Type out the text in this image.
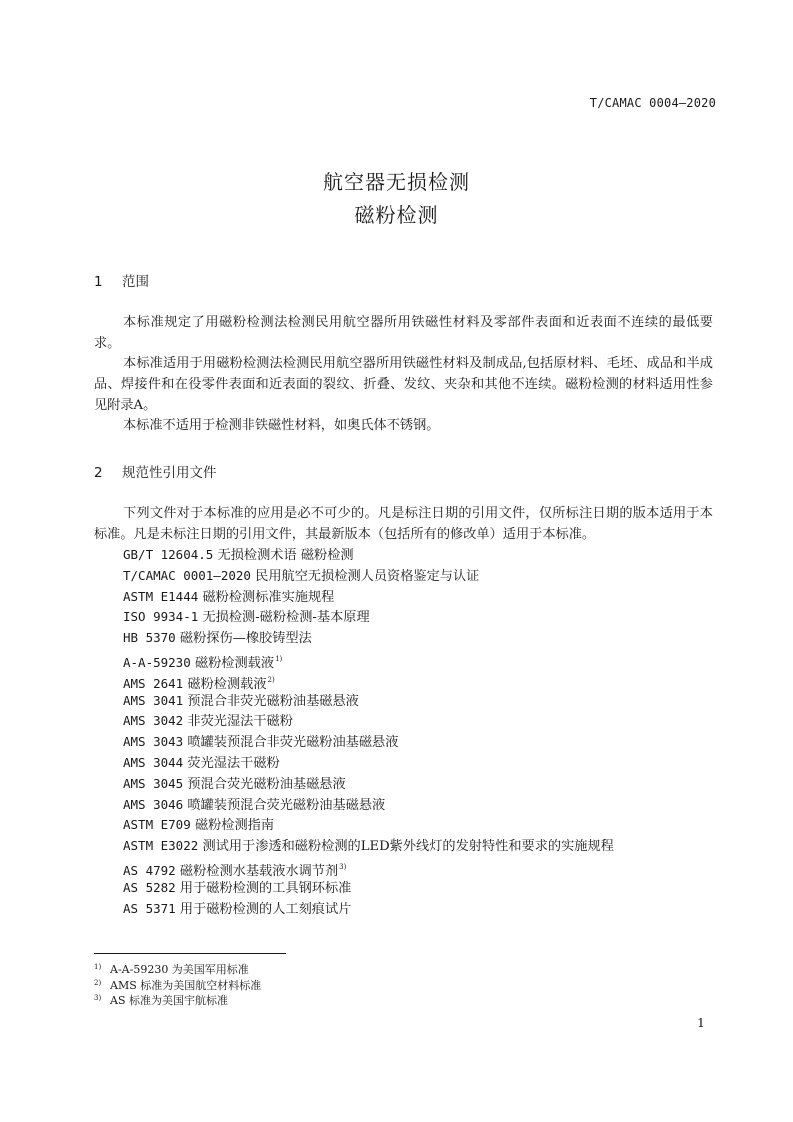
T/CAMAC 0004—2020
航空器无损检测
磁粉检测
1 范围

本标准规定了用磁粉检测法检测民用航空器所用铁磁性材料及零部件表面和近表面不连续的最低要求。

本标准适用于用磁粉检测法检测民用航空器所用铁磁性材料及制成品,包括原材料、毛坯、成品和半成品、焊接件和在役零件表面和近表面的裂纹、折叠、发纹、夹杂和其他不连续。磁粉检测的材料适用性参见附录A。

本标准不适用于检测非铁磁性材料，如奥氏体不锈钢。

2 规范性引用文件

下列文件对于本标准的应用是必不可少的。凡是标注日期的引用文件，仅所标注日期的版本适用于本标准。凡是未标注日期的引用文件，其最新版本（包括所有的修改单）适用于本标准。

GB/T 12604.5 无损检测术语 磁粉检测
T/CAMAC 0001—2020 民用航空无损检测人员资格鉴定与认证
ASTM E1444 磁粉检测标准实施规程
ISO 9934-1 无损检测-磁粉检测-基本原理
HB 5370 磁粉探伤—橡胶铸型法
A-A-59230 磁粉检测载液$^{1)}$
AMS 2641 磁粉检测载液$^{2)}$
AMS 3041 预混合非荧光磁粉油基磁悬液
AMS 3042 非荧光湿法干磁粉
AMS 3043 喷罐装预混合非荧光磁粉油基磁悬液
AMS 3044 荧光湿法干磁粉
AMS 3045 预混合荧光磁粉油基磁悬液
AMS 3046 喷罐装预混合荧光磁粉油基磁悬液
ASTM E709 磁粉检测指南
ASTM E3022 测试用于渗透和磁粉检测的LED紫外线灯的发射特性和要求的实施规程
AS 4792 磁粉检测水基载液水调节剂$^{3)}$
AS 5282 用于磁粉检测的工具钢环标准
AS 5371 用于磁粉检测的人工刻痕试片
1) A-A-59230 为美国军用标准
2) AMS 标准为美国航空材料标准
3) AS 标准为美国宇航标准
1
